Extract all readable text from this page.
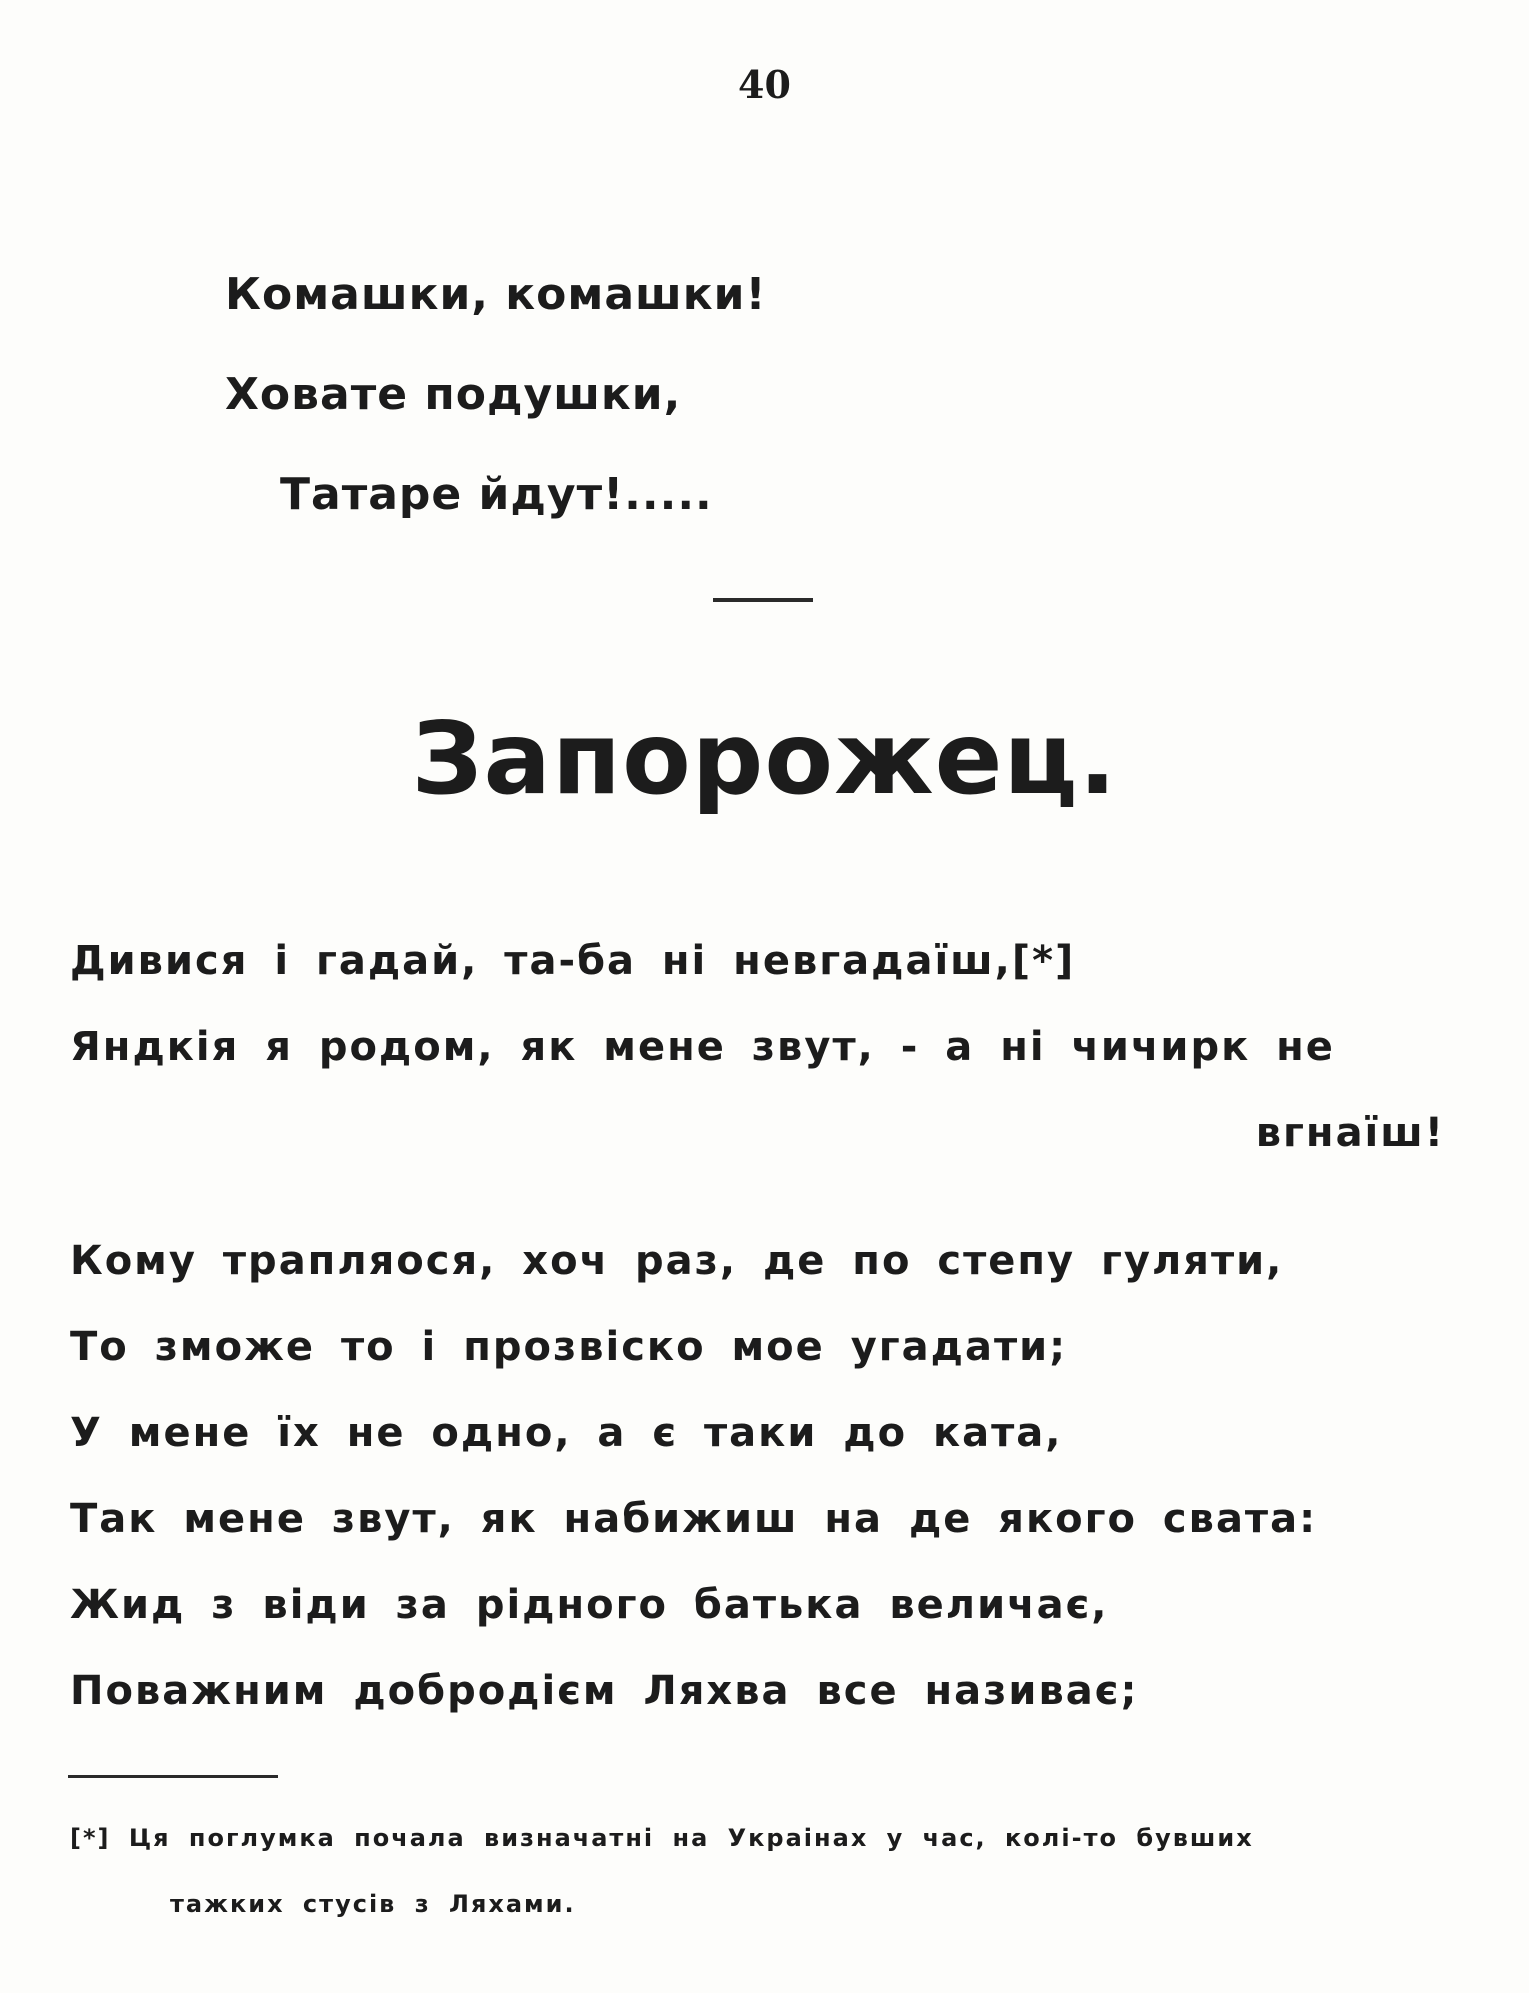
40
Комашки, комашки!
Ховате подушки,
Татаре йдут!.....
Запорожец.
Дивися і гадай, та-ба ні невгадаїш,[*]
Яндкія я родом, як мене звут, - а ні чичирк не
вгнаїш!
Кому трапляося, хоч раз, де по степу гуляти,
То зможе то і прозвіско мое угадати;
У мене їх не одно, а є таки до ката,
Так мене звут, як набижиш на де якого свата:
Жид з віди за рідного батька величає,
Поважним добродієм Ляхва все називає;
[*] Ця поглумка почала визначатні на Украінах у час, колі-то бувших
тажких стусів з Ляхами.
